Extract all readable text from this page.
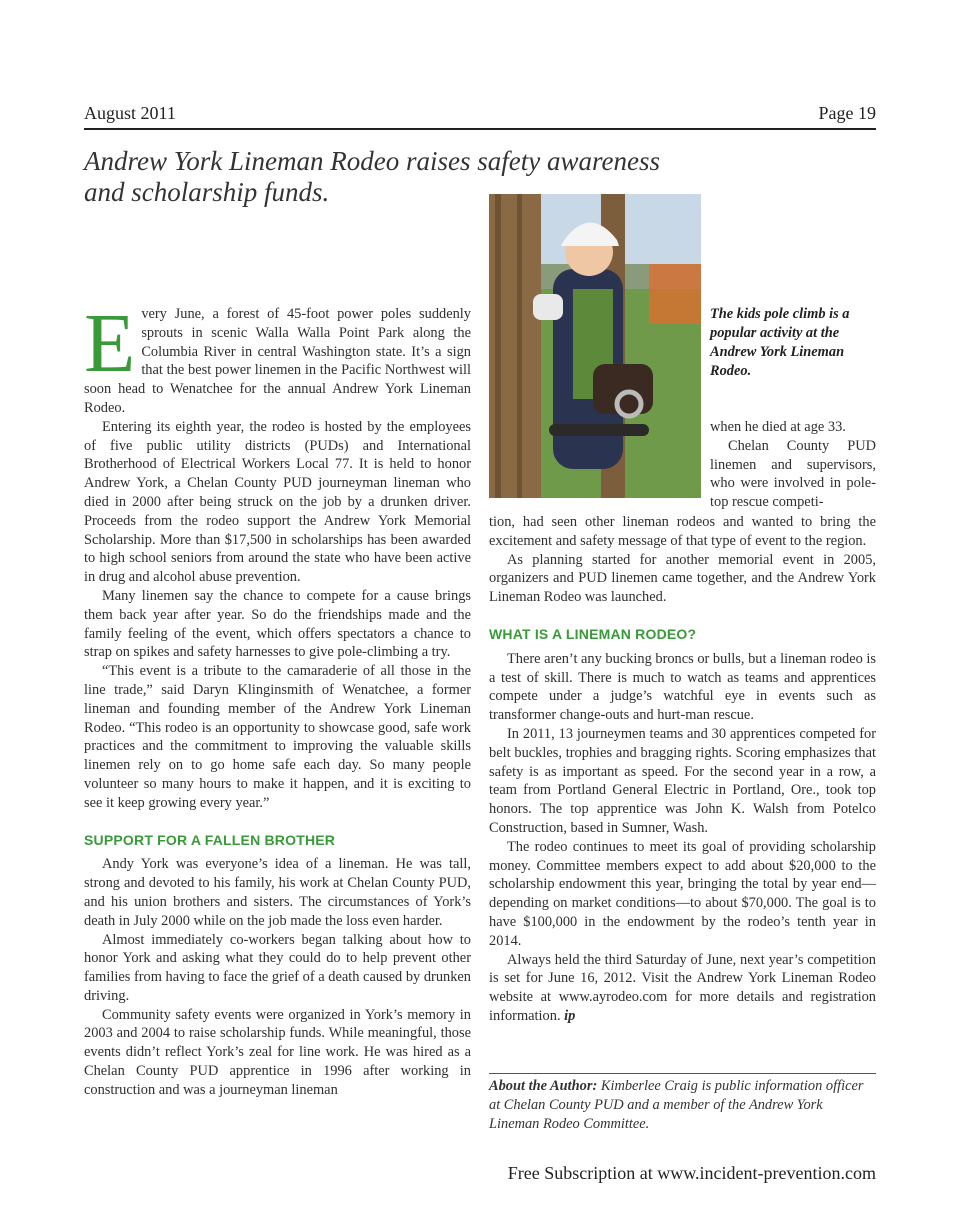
August 2011	Page 19
Andrew York Lineman Rodeo raises safety awareness
and scholarship funds.

Every June, a forest of 45-foot power poles suddenly sprouts in scenic Walla Walla Point Park along the Columbia River in central Washington state. It’s a sign that the best power linemen in the Pacific Northwest will soon head to Wenatchee for the annual Andrew York Lineman Rodeo.

Entering its eighth year, the rodeo is hosted by the employees of five public utility districts (PUDs) and International Brotherhood of Electrical Workers Local 77. It is held to honor Andrew York, a Chelan County PUD journeyman lineman who died in 2000 after being struck on the job by a drunken driver. Proceeds from the rodeo support the Andrew York Memorial Scholarship. More than $17,500 in scholarships has been awarded to high school seniors from around the state who have been active in drug and alcohol abuse prevention.

Many linemen say the chance to compete for a cause brings them back year after year. So do the friendships made and the family feeling of the event, which offers spectators a chance to strap on spikes and safety harnesses to give pole-climbing a try.

“This event is a tribute to the camaraderie of all those in the line trade,” said Daryn Klinginsmith of Wenatchee, a former lineman and founding member of the Andrew York Lineman Rodeo. “This rodeo is an opportunity to showcase good, safe work practices and the commitment to improving the valuable skills linemen rely on to go home safe each day. So many people volunteer so many hours to make it happen, and it is exciting to see it keep growing every year.”

SUPPORT FOR A FALLEN BROTHER

Andy York was everyone’s idea of a lineman. He was tall, strong and devoted to his family, his work at Chelan County PUD, and his union brothers and sisters. The circumstances of York’s death in July 2000 while on the job made the loss even harder.

Almost immediately co-workers began talking about how to honor York and asking what they could do to help prevent other families from having to face the grief of a death caused by drunken driving.

Community safety events were organized in York’s memory in 2003 and 2004 to raise scholarship funds. While meaningful, those events didn’t reflect York’s zeal for line work. He was hired as a Chelan County PUD apprentice in 1996 after working in construction and was a journeyman lineman

The kids pole climb is a popular activity at the Andrew York Lineman Rodeo.

when he died at age 33.

Chelan County PUD linemen and supervisors, who were involved in pole-top rescue competi-

tion, had seen other lineman rodeos and wanted to bring the excitement and safety message of that type of event to the region.

As planning started for another memorial event in 2005, organizers and PUD linemen came together, and the Andrew York Lineman Rodeo was launched.

WHAT IS A LINEMAN RODEO?

There aren’t any bucking broncs or bulls, but a lineman rodeo is a test of skill. There is much to watch as teams and apprentices compete under a judge’s watchful eye in events such as transformer change-outs and hurt-man rescue.

In 2011, 13 journeymen teams and 30 apprentices competed for belt buckles, trophies and bragging rights. Scoring emphasizes that safety is as important as speed. For the second year in a row, a team from Portland General Electric in Portland, Ore., took top honors. The top apprentice was John K. Walsh from Potelco Construction, based in Sumner, Wash.

The rodeo continues to meet its goal of providing scholarship money. Committee members expect to add about $20,000 to the scholarship endowment this year, bringing the total by year end—depending on market conditions—to about $70,000. The goal is to have $100,000 in the endowment by the rodeo’s tenth year in 2014.

Always held the third Saturday of June, next year’s competition is set for June 16, 2012. Visit the Andrew York Lineman Rodeo website at www.ayrodeo.com for more details and registration information. ip

About the Author: Kimberlee Craig is public information officer at Chelan County PUD and a member of the Andrew York Lineman Rodeo Committee.
Free Subscription at www.incident-prevention.com
